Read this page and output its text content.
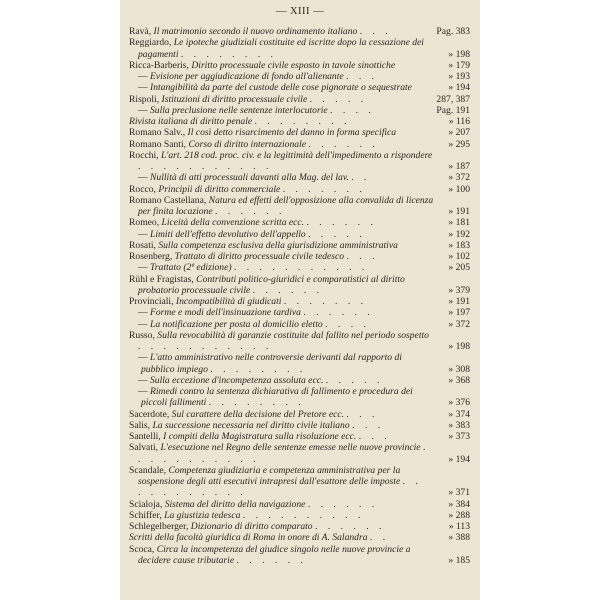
— XIII —
Ravà, Il matrimonio secondo il nuovo ordinamento italiano . . .	Pag. 383
Reggiardo, Le ipoteche giudiziali costituite ed iscritte dopo la cessazione dei pagamenti . . . . . . . .	» 198
Ricca-Barberis, Diritto processuale civile esposto in tavole sinottiche	» 179
— Evisione per aggiudicazione di fondo all'alienante . . .	» 193
— Intangibilità da parte del custode delle cose pignorate o sequestrate	» 194
Rispoli, Istituzioni di diritto processuale civile . . . . .	287, 387
— Sulla preclusione nelle sentenze interlocutorie . . . .	Pag. 191
Rivista italiana di diritto penale . . . . . . . .	» 116
Romano Salv., Il così detto risarcimento del danno in forma specifica	» 207
Romano Santi, Corso di diritto internazionale . . . . . .	» 295
Rocchi, L'art. 218 cod. proc. civ. e la legittimità dell'impedimento a rispondere . . . . . . . . . . .	» 187
— Nullità di atti processuali davanti alla Mag. del lav. . .	» 372
Rocco, Principii di diritto commerciale . . . . . . .	» 100
Romano Castellana, Natura ed effetti dell'opposizione alla convalida di licenza per finita locazione . . . . . .	» 191
Romeo, Liceità della convenzione scritta ecc. . . . . . .	» 181
— Limiti dell'effetto devolutivo dell'appello . . . . .	» 192
Rosati, Sulla competenza esclusiva della giurisdizione amministrativa	» 183
Rosenberg, Trattato di diritto processuale civile tedesco . . .	» 102
— Trattato (2ª edizione) . . . . . . . . . . .	» 205
Rühl e Fragistas, Contributi politico-giuridici e comparatistici al diritto probatorio processuale civile . . . . . .	» 379
Provinciali, Incompatibilità di giudicati . . . . . . .	» 191
— Forme e modi dell'insinuazione tardiva . . . . . .	» 197
— La notificazione per posta al domicilio eletto . . . .	» 372
Russo, Sulla revocabilità di garanzie costituite dal fallito nel periodo sospetto . . . . . . . . . . .	» 198
— L'atto amministrativo nelle controversie derivanti dal rapporto di pubblico impiego . . . . . . . .	» 308
— Sulla eccezione d'incompetenza assoluta ecc. . . . . .	» 368
— Rimedi contro la sentenza dichiarativa di fallimento e procedura dei piccoli fallimenti . . . . . . . .	» 376
Sacerdote, Sul carattere della decisione del Pretore ecc. . . .	» 374
Salis, La successione necessaria nel diritto civile italiano . . .	» 383
Santelli, I compiti della Magistratura sulla risoluzione ecc. . . .	» 373
Salvati, L'esecuzione nel Regno delle sentenze emesse nelle nuove provincie . . . . . . . . . . .	» 194
Scandale, Competenza giudiziaria e competenza amministrativa per la sospensione degli atti esecutivi intrapresi dall'esattore delle imposte . . . . . . . . . . .	» 371
Scialoja, Sistema del diritto della navigazione . . . . . .	» 384
Schiffer, La giustizia tedesca . . . . . . . . . .	» 288
Schlegelberger, Dizionario di diritto comparato . . . . . .	» 113
Scritti della facoltà giuridica di Roma in onore di A. Salandra . .	» 388
Scoca, Circa la incompetenza del giudice singolo nelle nuove provincie a decidere cause tributarie . . . . . .	» 185
